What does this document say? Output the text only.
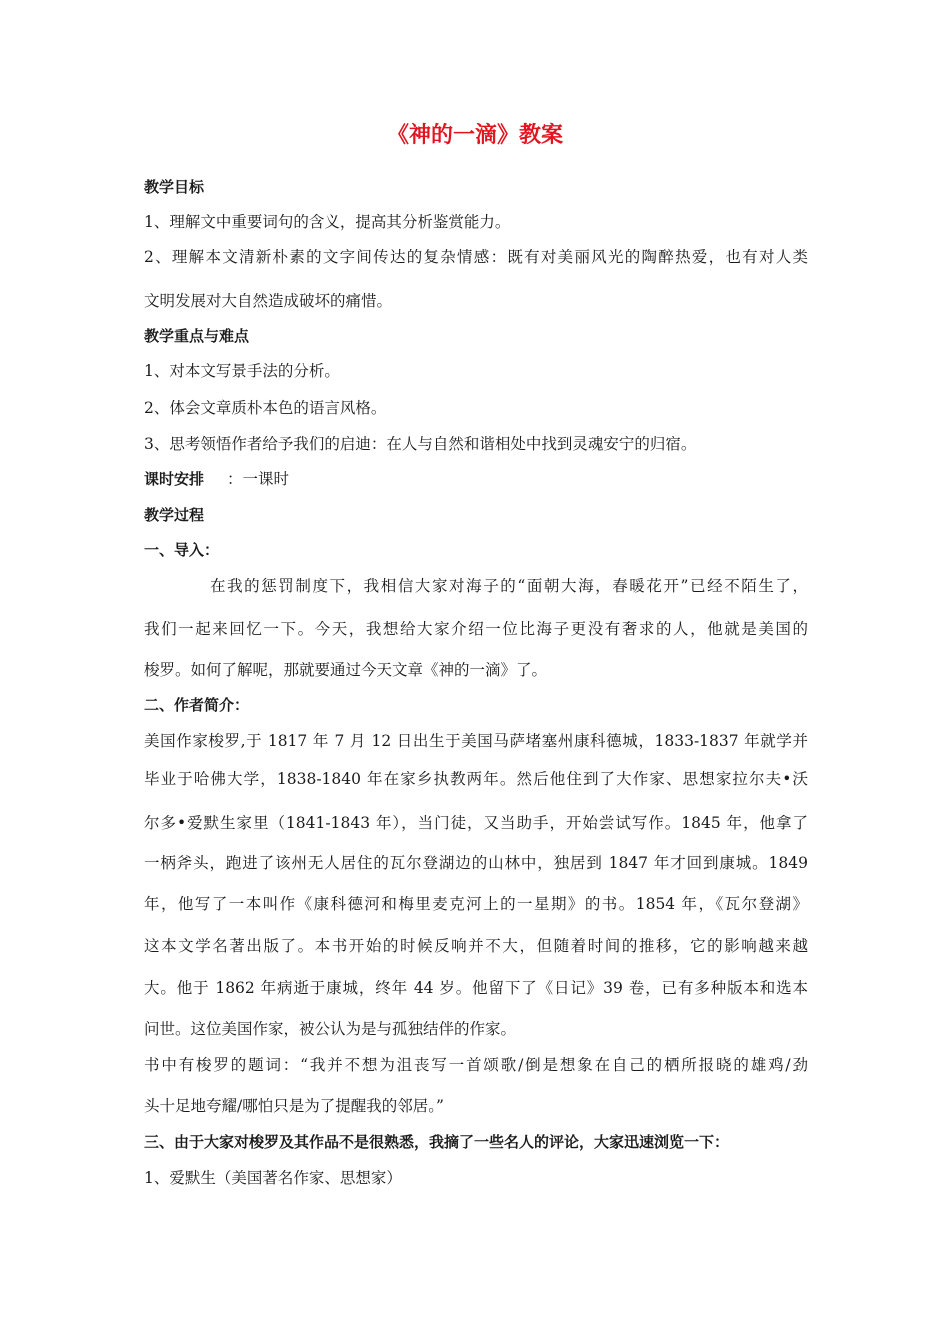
《神的一滴》教案
教学目标
1、理解文中重要词句的含义，提高其分析鉴赏能力。
2、理解本文清新朴素的文字间传达的复杂情感：既有对美丽风光的陶醉热爱，也有对人类
文明发展对大自然造成破坏的痛惜。
教学重点与难点
1、对本文写景手法的分析。
2、体会文章质朴本色的语言风格。
3、思考领悟作者给予我们的启迪：在人与自然和谐相处中找到灵魂安宁的归宿。
课时安排 ：一课时
教学过程
一、导入：
在我的惩罚制度下，我相信大家对海子的“面朝大海，春暖花开”已经不陌生了，
我们一起来回忆一下。今天，我想给大家介绍一位比海子更没有奢求的人，他就是美国的
梭罗。如何了解呢，那就要通过今天文章《神的一滴》了。
二、作者简介：
美国作家梭罗,于 1817 年 7 月 12 日出生于美国马萨堵塞州康科德城，1833-1837 年就学并
毕业于哈佛大学，1838-1840 年在家乡执教两年。然后他住到了大作家、思想家拉尔夫•沃
尔多•爱默生家里（1841-1843 年），当门徒，又当助手，开始尝试写作。1845 年，他拿了
一柄斧头，跑进了该州无人居住的瓦尔登湖边的山林中，独居到 1847 年才回到康城。1849
年，他写了一本叫作《康科德河和梅里麦克河上的一星期》的书。1854 年，《瓦尔登湖》
这本文学名著出版了。本书开始的时候反响并不大，但随着时间的推移，它的影响越来越
大。他于 1862 年病逝于康城，终年 44 岁。他留下了《日记》39 卷，已有多种版本和选本
问世。这位美国作家，被公认为是与孤独结伴的作家。
书中有梭罗的题词：“我并不想为沮丧写一首颂歌/倒是想象在自己的栖所报晓的雄鸡/劲
头十足地夸耀/哪怕只是为了提醒我的邻居。”
三、由于大家对梭罗及其作品不是很熟悉，我摘了一些名人的评论，大家迅速浏览一下：
1、爱默生（美国著名作家、思想家）
